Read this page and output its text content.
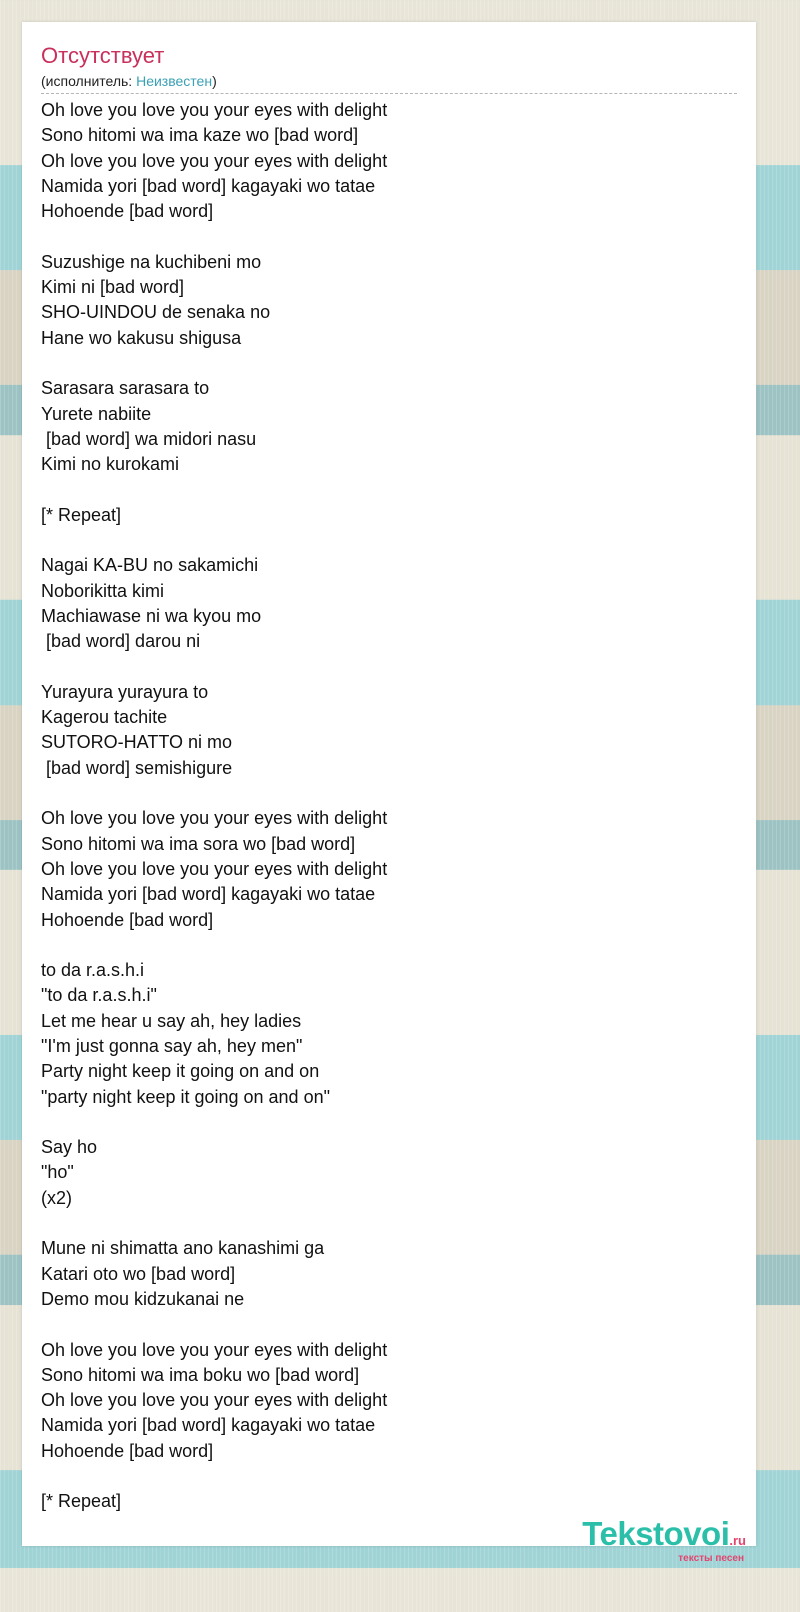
Отсутствует
(исполнитель: Неизвестен)
Oh love you love you your eyes with delight
Sono hitomi wa ima kaze wo [bad word]
Oh love you love you your eyes with delight
Namida yori [bad word] kagayaki wo tatae
Hohoende [bad word]

Suzushige na kuchibeni mo
Kimi ni [bad word]
SHO-UINDOU de senaka no
Hane wo kakusu shigusa

Sarasara sarasara to
Yurete nabiite
[bad word] wa midori nasu
Kimi no kurokami

[* Repeat]

Nagai KA-BU no sakamichi
Noborikitta kimi
Machiawase ni wa kyou mo
[bad word] darou ni

Yurayura yurayura to
Kagerou tachite
SUTORO-HATTO ni mo
[bad word] semishigure

Oh love you love you your eyes with delight
Sono hitomi wa ima sora wo [bad word]
Oh love you love you your eyes with delight
Namida yori [bad word] kagayaki wo tatae
Hohoende [bad word]

to da r.a.s.h.i
"to da r.a.s.h.i"
Let me hear u say ah, hey ladies
"I'm just gonna say ah, hey men"
Party night keep it going on and on
"party night keep it going on and on"

Say ho
"ho"
(x2)

Mune ni shimatta ano kanashimi ga
Katari oto wo [bad word]
Demo mou kidzukanai ne

Oh love you love you your eyes with delight
Sono hitomi wa ima boku wo [bad word]
Oh love you love you your eyes with delight
Namida yori [bad word] kagayaki wo tatae
Hohoende [bad word]

[* Repeat]
Tekstovoi.ru
тексты песен
